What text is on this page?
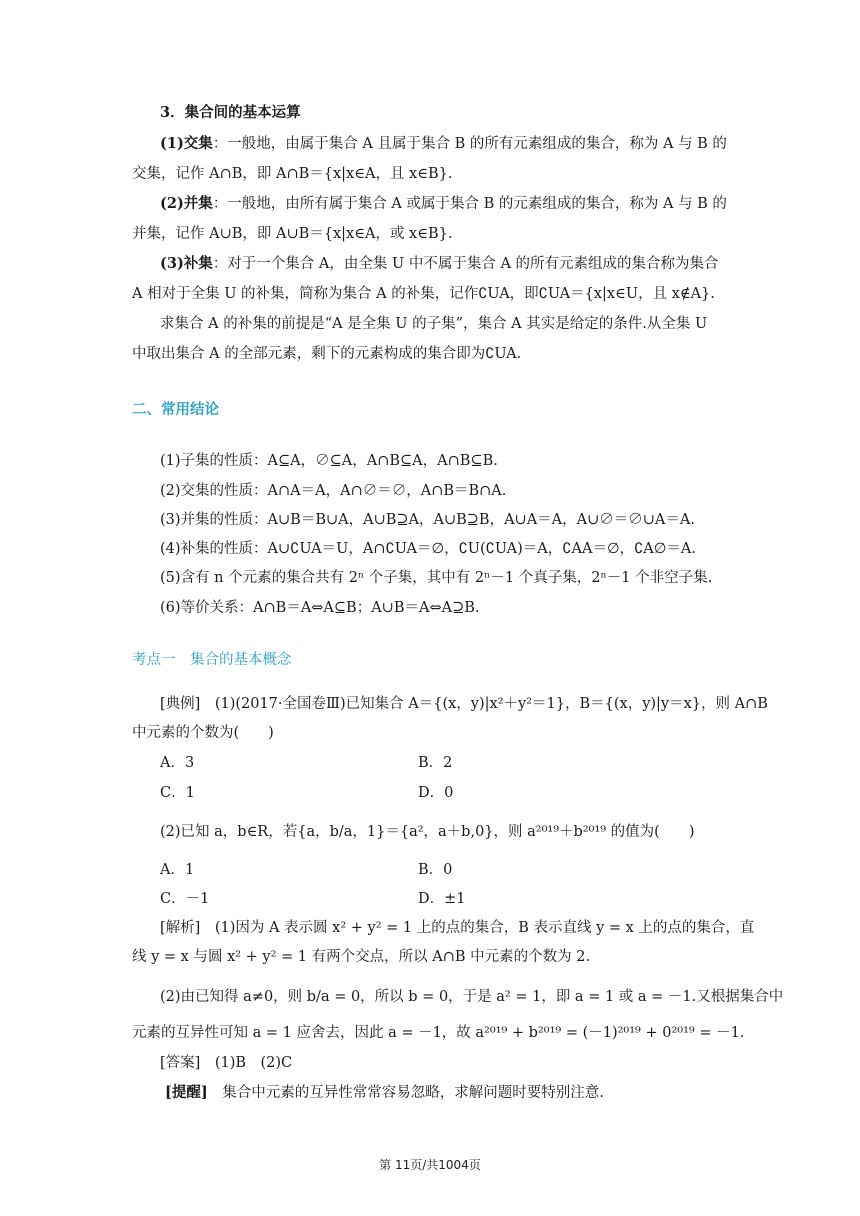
3．集合间的基本运算
(1)交集：一般地，由属于集合 A 且属于集合 B 的所有元素组成的集合，称为 A 与 B 的
交集，记作 A∩B，即 A∩B＝{x|x∈A，且 x∈B}.
(2)并集：一般地，由所有属于集合 A 或属于集合 B 的元素组成的集合，称为 A 与 B 的
并集，记作 A∪B，即 A∪B＝{x|x∈A，或 x∈B}.
(3)补集：对于一个集合 A，由全集 U 中不属于集合 A 的所有元素组成的集合称为集合
A 相对于全集 U 的补集，简称为集合 A 的补集，记作∁UA，即∁UA＝{x|x∈U，且 x∉A}.
求集合 A 的补集的前提是“A 是全集 U 的子集”，集合 A 其实是给定的条件.从全集 U
中取出集合 A 的全部元素，剩下的元素构成的集合即为∁UA.
二、常用结论
(1)子集的性质：A⊆A，∅⊆A，A∩B⊆A，A∩B⊆B.
(2)交集的性质：A∩A＝A，A∩∅＝∅，A∩B＝B∩A.
(3)并集的性质：A∪B＝B∪A，A∪B⊇A，A∪B⊇B，A∪A＝A，A∪∅＝∅∪A＝A.
(4)补集的性质：A∪∁UA＝U，A∩∁UA＝∅，∁U(∁UA)＝A，∁AA＝∅，∁A∅＝A.
(5)含有 n 个元素的集合共有 2ⁿ 个子集，其中有 2ⁿ－1 个真子集，2ⁿ－1 个非空子集.
(6)等价关系：A∩B＝A⇔A⊆B；A∪B＝A⇔A⊇B.
考点一　集合的基本概念
[典例]　(1)(2017·全国卷Ⅲ)已知集合 A＝{(x，y)|x²＋y²＝1}，B＝{(x，y)|y＝x}，则 A∩B
中元素的个数为(　　)
A．3	B．2
C．1	D．0
(2)已知 a，b∈R，若{a，b/a，1}＝{a²，a＋b,0}，则 a²⁰¹⁹＋b²⁰¹⁹ 的值为(　　)
A．1	B．0
C．－1	D．±1
[解析]　(1)因为 A 表示圆 x² + y² = 1 上的点的集合，B 表示直线 y = x 上的点的集合，直
线 y = x 与圆 x² + y² = 1 有两个交点，所以 A∩B 中元素的个数为 2.
(2)由已知得 a≠0，则 b/a = 0，所以 b = 0，于是 a² = 1，即 a = 1 或 a = －1.又根据集合中
元素的互异性可知 a = 1 应舍去，因此 a = －1，故 a²⁰¹⁹ + b²⁰¹⁹ = (－1)²⁰¹⁹ + 0²⁰¹⁹ = －1.
[答案]　(1)B　(2)C
[提醒]　集合中元素的互异性常常容易忽略，求解问题时要特别注意.
第 11页/共1004页
